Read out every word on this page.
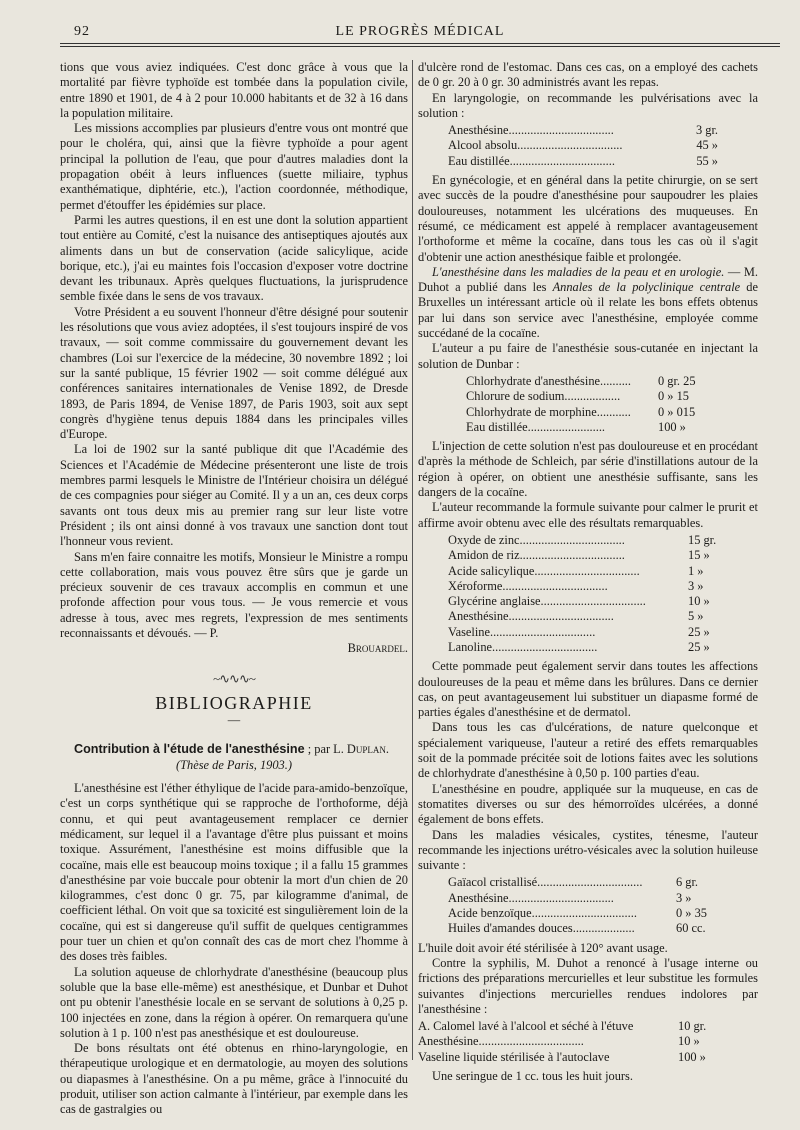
92	LE PROGRÈS MÉDICAL

tions que vous aviez indiquées. C'est donc grâce à vous que la mortalité par fièvre typhoïde est tombée dans la population civile, entre 1890 et 1901, de 4 à 2 pour 10.000 habitants et de 32 à 16 dans la population militaire.

Les missions accomplies par plusieurs d'entre vous ont montré que pour le choléra, qui, ainsi que la fièvre typhoïde a pour agent principal la pollution de l'eau, que pour d'autres maladies dont la propagation obéit à leurs influences (suette miliaire, typhus exanthématique, diphtérie, etc.), l'action coordonnée, méthodique, permet d'étouffer les épidémies sur place.

Parmi les autres questions, il en est une dont la solution appartient tout entière au Comité, c'est la nuisance des antiseptiques ajoutés aux aliments dans un but de conservation (acide salicylique, acide borique, etc.), j'ai eu maintes fois l'occasion d'exposer votre doctrine devant les tribunaux. Après quelques fluctuations, la jurisprudence semble fixée dans le sens de vos travaux.

Votre Président a eu souvent l'honneur d'être désigné pour soutenir les résolutions que vous aviez adoptées, il s'est toujours inspiré de vos travaux, — soit comme commissaire du gouvernement devant les chambres (Loi sur l'exercice de la médecine, 30 novembre 1892 ; loi sur la santé publique, 15 février 1902 — soit comme délégué aux conférences sanitaires internationales de Venise 1892, de Dresde 1893, de Paris 1894, de Venise 1897, de Paris 1903, soit aux sept congrès d'hygiène tenus depuis 1884 dans les principales villes d'Europe.

La loi de 1902 sur la santé publique dit que l'Académie des Sciences et l'Académie de Médecine présenteront une liste de trois membres parmi lesquels le Ministre de l'Intérieur choisira un délégué de ces compagnies pour siéger au Comité. Il y a un an, ces deux corps savants ont tous deux mis au premier rang sur leur liste votre Président ; ils ont ainsi donné à vos travaux une sanction dont tout l'honneur vous revient.

Sans m'en faire connaitre les motifs, Monsieur le Ministre a rompu cette collaboration, mais vous pouvez être sûrs que je garde un précieux souvenir de ces travaux accomplis en commun et une profonde affection pour vous tous. — Je vous remercie et vous adresse à tous, avec mes regrets, l'expression de mes sentiments reconnaissants et dévoués. — P.

Brouardel.

~∿∿∿~
BIBLIOGRAPHIE
—

Contribution à l'étude de l'anesthésine ; par L. Duplan.

(Thèse de Paris, 1903.)

L'anesthésine est l'éther éthylique de l'acide para-amido-benzoïque, c'est un corps synthétique qui se rapproche de l'orthoforme, déjà connu, et qui peut avantageusement remplacer ce dernier médicament, sur lequel il a l'avantage d'être plus puissant et moins toxique. Assurément, l'anesthésine est moins diffusible que la cocaïne, mais elle est beaucoup moins toxique ; il a fallu 15 grammes d'anesthésine par voie buccale pour obtenir la mort d'un chien de 20 kilogrammes, c'est donc 0 gr. 75, par kilogramme d'animal, de coefficient léthal. On voit que sa toxicité est singulièrement loin de la cocaïne, qui est si dangereuse qu'il suffit de quelques centigrammes pour tuer un chien et qu'on connaît des cas de mort chez l'homme à des doses très faibles.

La solution aqueuse de chlorhydrate d'anesthésine (beaucoup plus soluble que la base elle-même) est anesthésique, et Dunbar et Duhot ont pu obtenir l'anesthésie locale en se servant de solutions à 0,25 p. 100 injectées en zone, dans la région à opérer. On remarquera qu'une solution à 1 p. 100 n'est pas anesthésique et est douloureuse.

De bons résultats ont été obtenus en rhino-laryngologie, en thérapeutique urologique et en dermatologie, au moyen des solutions ou diapasmes à l'anesthésine. On a pu même, grâce à l'innocuité du produit, utiliser son action calmante à l'intérieur, par exemple dans les cas de gastralgies ou

d'ulcère rond de l'estomac. Dans ces cas, on a employé des cachets de 0 gr. 20 à 0 gr. 30 administrés avant les repas.

En laryngologie, on recommande les pulvérisations avec la solution :

Anesthésine..................................	3 gr.
Alcool absolu..................................	45 »
Eau distillée..................................	55 »

En gynécologie, et en général dans la petite chirurgie, on se sert avec succès de la poudre d'anesthésine pour saupoudrer les plaies douloureuses, notamment les ulcérations des muqueuses. En résumé, ce médicament est appelé à remplacer avantageusement l'orthoforme et même la cocaïne, dans tous les cas où il s'agit d'obtenir une action anesthésique faible et prolongée.

L'anesthésine dans les maladies de la peau et en urologie. — M. Duhot a publié dans les Annales de la polyclinique centrale de Bruxelles un intéressant article où il relate les bons effets obtenus par lui dans son service avec l'anesthésine, employée comme succédané de la cocaïne.

L'auteur a pu faire de l'anesthésie sous-cutanée en injectant la solution de Dunbar :

Chlorhydrate d'anesthésine.......... 0 gr. 25
Chlorure de sodium..................	0 » 15
Chlorhydrate de morphine........... 0 » 015
Eau distillée.........................	100 »

L'injection de cette solution n'est pas douloureuse et en procédant d'après la méthode de Schleich, par série d'instillations autour de la région à opérer, on obtient une anesthésie suffisante, sans les dangers de la cocaïne.

L'auteur recommande la formule suivante pour calmer le prurit et affirme avoir obtenu avec elle des résultats remarquables.

Oxyde de zinc..................................	15 gr.
Amidon de riz..................................	15 »
Acide salicylique..................................	1 »
Xéroforme..................................	3 »
Glycérine anglaise..................................	10 »
Anesthésine..................................	5 »
Vaseline..................................	25 »
Lanoline..................................	25 »

Cette pommade peut également servir dans toutes les affections douloureuses de la peau et même dans les brûlures. Dans ce dernier cas, on peut avantageusement lui substituer un diapasme formé de parties égales d'anesthésine et de dermatol.

Dans tous les cas d'ulcérations, de nature quelconque et spécialement variqueuse, l'auteur a retiré des effets remarquables soit de la pommade précitée soit de lotions faites avec les solutions de chlorhydrate d'anesthésine à 0,50 p. 100 parties d'eau.

L'anesthésine en poudre, appliquée sur la muqueuse, en cas de stomatites diverses ou sur des hémorroïdes ulcérées, a donné également de bons effets.

Dans les maladies vésicales, cystites, ténesme, l'auteur recommande les injections urétro-vésicales avec la solution huileuse suivante :

Gaïacol cristallisé..................................	6 gr.
Anesthésine..................................	3 »
Acide benzoïque..................................	0 » 35
Huiles d'amandes douces....................	60 cc.

L'huile doit avoir été stérilisée à 120° avant usage.

Contre la syphilis, M. Duhot a renoncé à l'usage interne ou frictions des préparations mercurielles et leur substitue les formules suivantes d'injections mercurielles rendues indolores par l'anesthésine :

A. Calomel lavé à l'alcool et séché à l'étuve	10 gr.
Anesthésine..................................	10 »
Vaseline liquide stérilisée à l'autoclave	100 »

Une seringue de 1 cc. tous les huit jours.
